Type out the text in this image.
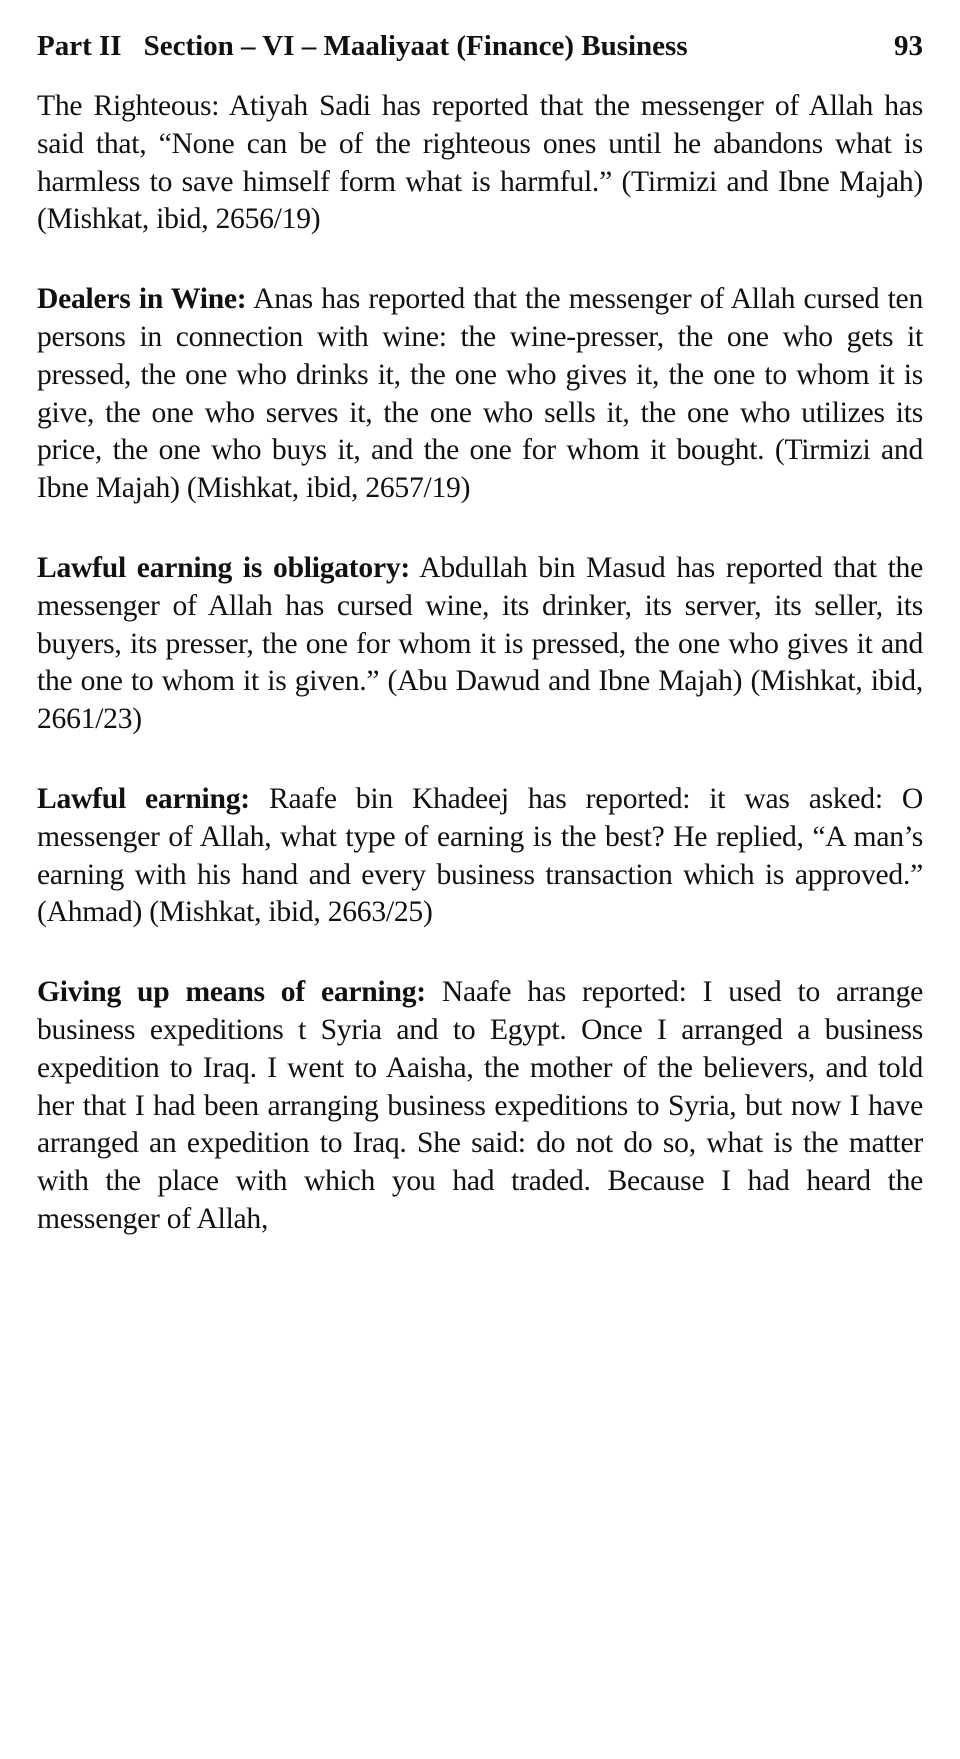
Part II Section – VI – Maaliyaat (Finance) Business	93

The Righteous: Atiyah Sadi has reported that the messenger of Allah has said that, “None can be of the righteous ones until he abandons what is harmless to save himself form what is harmful.” (Tirmizi and Ibne Majah) (Mishkat, ibid, 2656/19)

Dealers in Wine: Anas has reported that the messenger of Allah cursed ten persons in connection with wine: the wine-presser, the one who gets it pressed, the one who drinks it, the one who gives it, the one to whom it is give, the one who serves it, the one who sells it, the one who utilizes its price, the one who buys it, and the one for whom it bought. (Tirmizi and Ibne Majah) (Mishkat, ibid, 2657/19)

Lawful earning is obligatory: Abdullah bin Masud has reported that the messenger of Allah has cursed wine, its drinker, its server, its seller, its buyers, its presser, the one for whom it is pressed, the one who gives it and the one to whom it is given.” (Abu Dawud and Ibne Majah) (Mishkat, ibid, 2661/23)

Lawful earning: Raafe bin Khadeej has reported: it was asked: O messenger of Allah, what type of earning is the best? He replied, “A man’s earning with his hand and every business transaction which is approved.” (Ahmad) (Mishkat, ibid, 2663/25)

Giving up means of earning: Naafe has reported: I used to arrange business expeditions t Syria and to Egypt. Once I arranged a business expedition to Iraq. I went to Aaisha, the mother of the believers, and told her that I had been arranging business expeditions to Syria, but now I have arranged an expedition to Iraq. She said: do not do so, what is the matter with the place with which you had traded. Because I had heard the messenger of Allah,
